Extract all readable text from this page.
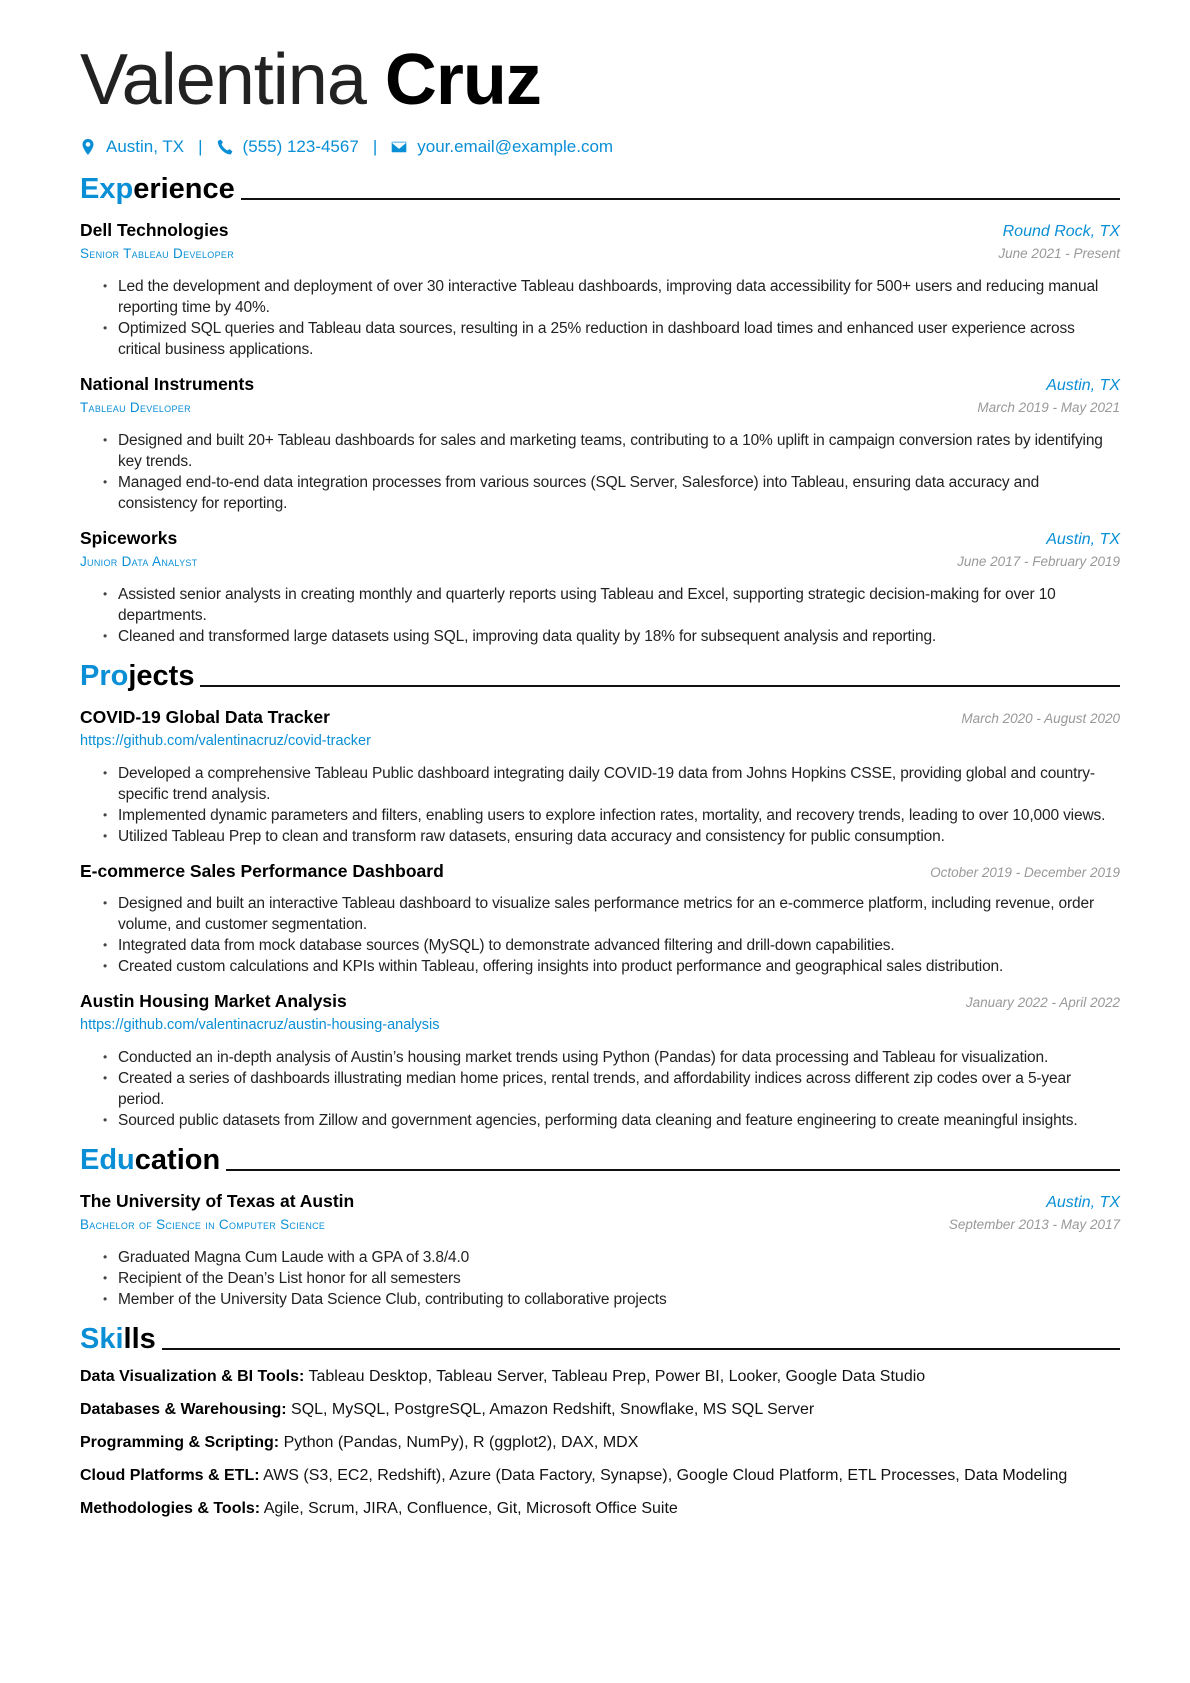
Valentina Cruz
Austin, TX | (555) 123-4567 | your.email@example.com
Experience
Dell Technologies	Round Rock, TX
Senior Tableau Developer	June 2021 - Present
• Led the development and deployment of over 30 interactive Tableau dashboards, improving data accessibility for 500+ users and reducing manual reporting time by 40%.
• Optimized SQL queries and Tableau data sources, resulting in a 25% reduction in dashboard load times and enhanced user experience across critical business applications.
National Instruments	Austin, TX
Tableau Developer	March 2019 - May 2021
• Designed and built 20+ Tableau dashboards for sales and marketing teams, contributing to a 10% uplift in campaign conversion rates by identifying key trends.
• Managed end-to-end data integration processes from various sources (SQL Server, Salesforce) into Tableau, ensuring data accuracy and consistency for reporting.
Spiceworks	Austin, TX
Junior Data Analyst	June 2017 - February 2019
• Assisted senior analysts in creating monthly and quarterly reports using Tableau and Excel, supporting strategic decision-making for over 10 departments.
• Cleaned and transformed large datasets using SQL, improving data quality by 18% for subsequent analysis and reporting.
Projects
COVID-19 Global Data Tracker	March 2020 - August 2020
https://github.com/valentinacruz/covid-tracker
• Developed a comprehensive Tableau Public dashboard integrating daily COVID-19 data from Johns Hopkins CSSE, providing global and country-specific trend analysis.
• Implemented dynamic parameters and filters, enabling users to explore infection rates, mortality, and recovery trends, leading to over 10,000 views.
• Utilized Tableau Prep to clean and transform raw datasets, ensuring data accuracy and consistency for public consumption.
E-commerce Sales Performance Dashboard	October 2019 - December 2019
• Designed and built an interactive Tableau dashboard to visualize sales performance metrics for an e-commerce platform, including revenue, order volume, and customer segmentation.
• Integrated data from mock database sources (MySQL) to demonstrate advanced filtering and drill-down capabilities.
• Created custom calculations and KPIs within Tableau, offering insights into product performance and geographical sales distribution.
Austin Housing Market Analysis	January 2022 - April 2022
https://github.com/valentinacruz/austin-housing-analysis
• Conducted an in-depth analysis of Austin’s housing market trends using Python (Pandas) for data processing and Tableau for visualization.
• Created a series of dashboards illustrating median home prices, rental trends, and affordability indices across different zip codes over a 5-year period.
• Sourced public datasets from Zillow and government agencies, performing data cleaning and feature engineering to create meaningful insights.
Education
The University of Texas at Austin	Austin, TX
Bachelor of Science in Computer Science	September 2013 - May 2017
• Graduated Magna Cum Laude with a GPA of 3.8/4.0
• Recipient of the Dean’s List honor for all semesters
• Member of the University Data Science Club, contributing to collaborative projects
Skills
Data Visualization & BI Tools: Tableau Desktop, Tableau Server, Tableau Prep, Power BI, Looker, Google Data Studio
Databases & Warehousing: SQL, MySQL, PostgreSQL, Amazon Redshift, Snowflake, MS SQL Server
Programming & Scripting: Python (Pandas, NumPy), R (ggplot2), DAX, MDX
Cloud Platforms & ETL: AWS (S3, EC2, Redshift), Azure (Data Factory, Synapse), Google Cloud Platform, ETL Processes, Data Modeling
Methodologies & Tools: Agile, Scrum, JIRA, Confluence, Git, Microsoft Office Suite
